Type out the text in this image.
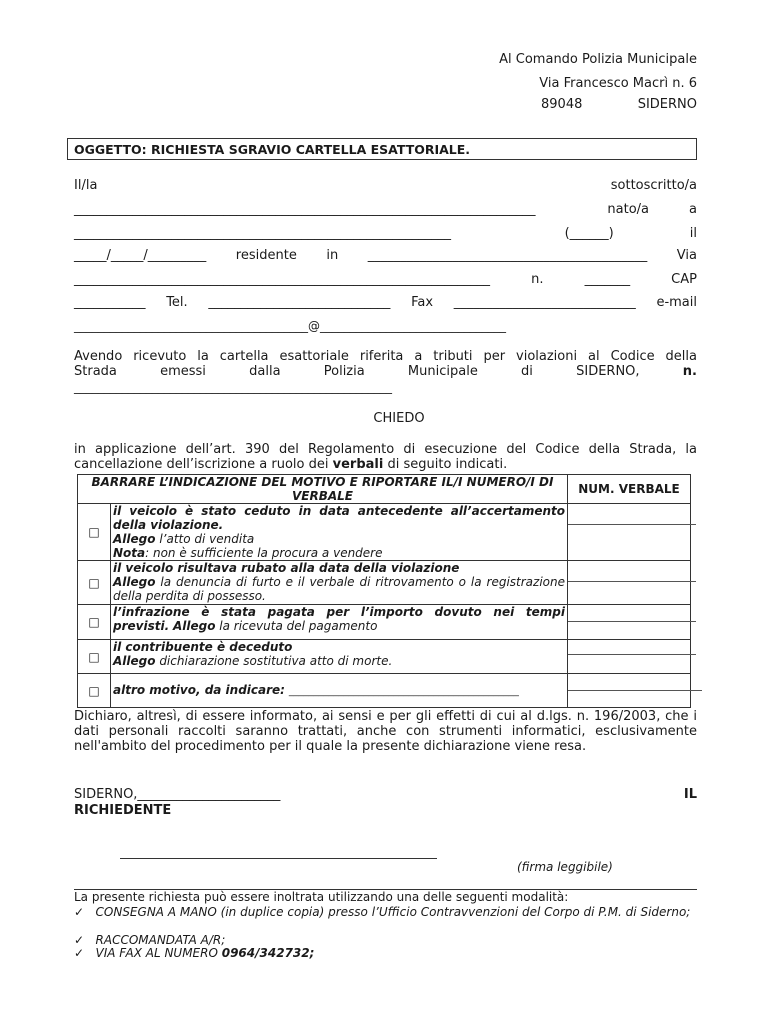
Al Comando Polizia Municipale
Via Francesco Macrì n. 6
89048	SIDERNO
OGGETTO: RICHIESTA SGRAVIO CARTELLA ESATTORIALE.
Il/la	sottoscritto/a
_______________________________________________________________________	nato/a	a
__________________________________________________________	(______)	il
_____/_____/_________ residente in ___________________________________________ Via
________________________________________________________________	n.	_______	CAP
___________ Tel. ____________________________ Fax ____________________________ e-mail
_______________________________________@_______________________________
Avendo ricevuto la cartella esattoriale riferita a tributi per violazioni al Codice della
Strada	emessi	dalla	Polizia	Municipale	di	SIDERNO,	n.
_____________________________________________________
CHIEDO
in applicazione dell’art. 390 del Regolamento di esecuzione del Codice della Strada, la
cancellazione dell’iscrizione a ruolo dei verbali di seguito indicati.
BARRARE L’INDICAZIONE DEL MOTIVO E RIPORTARE IL/I NUMERO/I DI VERBALE		NUM. VERBALE
□	il veicolo è stato ceduto in data antecedente all’accertamento della violazione.
Allego l’atto di vendita
Nota: non è sufficiente la procura a vendere	

□	il veicolo risultava rubato alla data della violazione
Allego la denuncia di furto e il verbale di ritrovamento o la registrazione della perdita di possesso.	

□	l’infrazione è stata pagata per l’importo dovuto nei tempi previsti. Allego la ricevuta del pagamento	

□	il contribuente è deceduto
Allego dichiarazione sostitutiva atto di morte.	

□	altro motivo, da indicare: ______________________________________________	
Dichiaro, altresì, di essere informato, ai sensi e per gli effetti di cui al d.lgs. n. 196/2003, che i dati personali raccolti saranno trattati, anche con strumenti informatici, esclusivamente nell'ambito del procedimento per il quale la presente dichiarazione viene resa.
SIDERNO,______________________	IL
RICHIEDENTE
(firma leggibile)
La presente richiesta può essere inoltrata utilizzando una delle seguenti modalità:
✓ CONSEGNA A MANO (in duplice copia) presso l’Ufficio Contravvenzioni del Corpo di P.M. di Siderno;
✓ RACCOMANDATA A/R;
✓ VIA FAX AL NUMERO 0964/342732;
